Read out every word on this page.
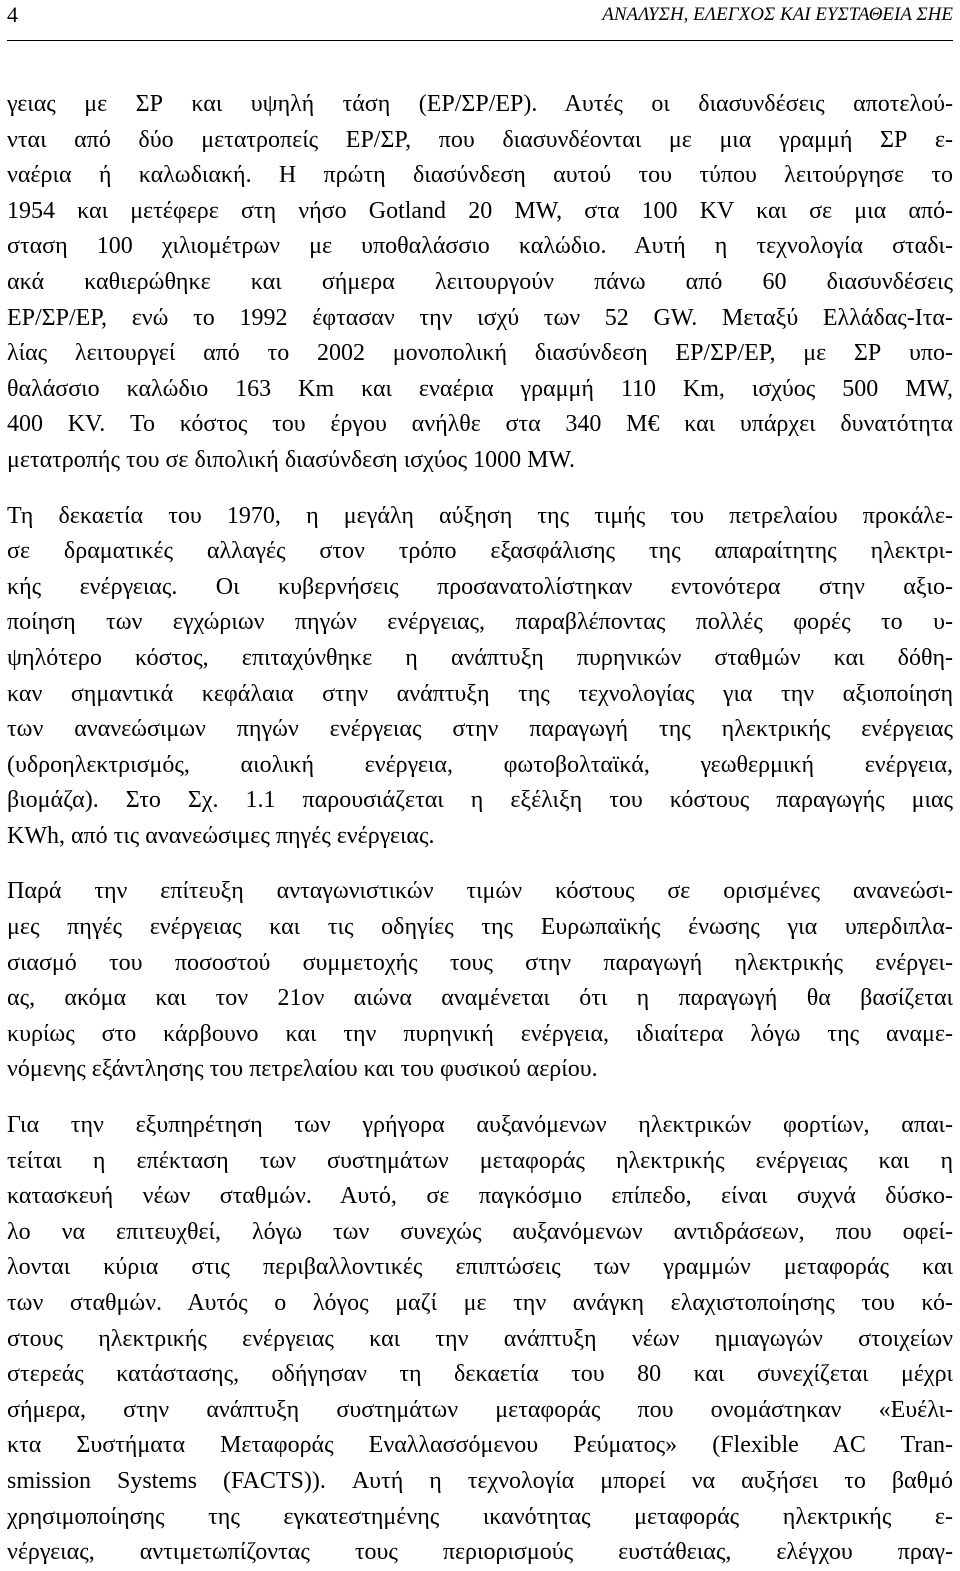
4	ΑΝΑΛΥΣΗ, ΕΛΕΓΧΟΣ ΚΑΙ ΕΥΣΤΑΘΕΙΑ ΣΗΕ

γειας με ΣΡ και υψηλή τάση (ΕΡ/ΣΡ/ΕΡ). Αυτές οι διασυνδέσεις αποτελού-
νται από δύο μετατροπείς ΕΡ/ΣΡ, που διασυνδέονται με μια γραμμή ΣΡ ε-
ναέρια ή καλωδιακή. Η πρώτη διασύνδεση αυτού του τύπου λειτούργησε το
1954 και μετέφερε στη νήσο Gotland 20 MW, στα 100 KV και σε μια από-
σταση 100 χιλιομέτρων με υποθαλάσσιο καλώδιο. Αυτή η τεχνολογία σταδι-
ακά καθιερώθηκε και σήμερα λειτουργούν πάνω από 60 διασυνδέσεις
ΕΡ/ΣΡ/ΕΡ, ενώ το 1992 έφτασαν την ισχύ των 52 GW. Μεταξύ Ελλάδας-Ιτα-
λίας λειτουργεί από το 2002 μονοπολική διασύνδεση ΕΡ/ΣΡ/ΕΡ, με ΣΡ υπο-
θαλάσσιο καλώδιο 163 Km και εναέρια γραμμή 110 Km, ισχύος 500 MW,
400 KV. Το κόστος του έργου ανήλθε στα 340 Μ€ και υπάρχει δυνατότητα
μετατροπής του σε διπολική διασύνδεση ισχύος 1000 MW.

Τη δεκαετία του 1970, η μεγάλη αύξηση της τιμής του πετρελαίου προκάλε-
σε δραματικές αλλαγές στον τρόπο εξασφάλισης της απαραίτητης ηλεκτρι-
κής ενέργειας. Οι κυβερνήσεις προσανατολίστηκαν εντονότερα στην αξιο-
ποίηση των εγχώριων πηγών ενέργειας, παραβλέποντας πολλές φορές το υ-
ψηλότερο κόστος, επιταχύνθηκε η ανάπτυξη πυρηνικών σταθμών και δόθη-
καν σημαντικά κεφάλαια στην ανάπτυξη της τεχνολογίας για την αξιοποίηση
των ανανεώσιμων πηγών ενέργειας στην παραγωγή της ηλεκτρικής ενέργειας
(υδροηλεκτρισμός, αιολική ενέργεια, φωτοβολταϊκά, γεωθερμική ενέργεια,
βιομάζα). Στο Σχ. 1.1 παρουσιάζεται η εξέλιξη του κόστους παραγωγής μιας
KWh, από τις ανανεώσιμες πηγές ενέργειας.

Παρά την επίτευξη ανταγωνιστικών τιμών κόστους σε ορισμένες ανανεώσι-
μες πηγές ενέργειας και τις οδηγίες της Ευρωπαϊκής ένωσης για υπερδιπλα-
σιασμό του ποσοστού συμμετοχής τους στην παραγωγή ηλεκτρικής ενέργει-
ας, ακόμα και τον 21ον αιώνα αναμένεται ότι η παραγωγή θα βασίζεται
κυρίως στο κάρβουνο και την πυρηνική ενέργεια, ιδιαίτερα λόγω της αναμε-
νόμενης εξάντλησης του πετρελαίου και του φυσικού αερίου.

Για την εξυπηρέτηση των γρήγορα αυξανόμενων ηλεκτρικών φορτίων, απαι-
τείται η επέκταση των συστημάτων μεταφοράς ηλεκτρικής ενέργειας και η
κατασκευή νέων σταθμών. Αυτό, σε παγκόσμιο επίπεδο, είναι συχνά δύσκο-
λο να επιτευχθεί, λόγω των συνεχώς αυξανόμενων αντιδράσεων, που οφεί-
λονται κύρια στις περιβαλλοντικές επιπτώσεις των γραμμών μεταφοράς και
των σταθμών. Αυτός ο λόγος μαζί με την ανάγκη ελαχιστοποίησης του κό-
στους ηλεκτρικής ενέργειας και την ανάπτυξη νέων ημιαγωγών στοιχείων
στερεάς κατάστασης, οδήγησαν τη δεκαετία του 80 και συνεχίζεται μέχρι
σήμερα, στην ανάπτυξη συστημάτων μεταφοράς που ονομάστηκαν «Ευέλι-
κτα Συστήματα Μεταφοράς Εναλλασσόμενου Ρεύματος» (Flexible AC Tran-
smission Systems (FACTS)). Αυτή η τεχνολογία μπορεί να αυξήσει το βαθμό
χρησιμοποίησης της εγκατεστημένης ικανότητας μεταφοράς ηλεκτρικής ε-
νέργειας, αντιμετωπίζοντας τους περιορισμούς ευστάθειας, ελέγχου πραγ-
